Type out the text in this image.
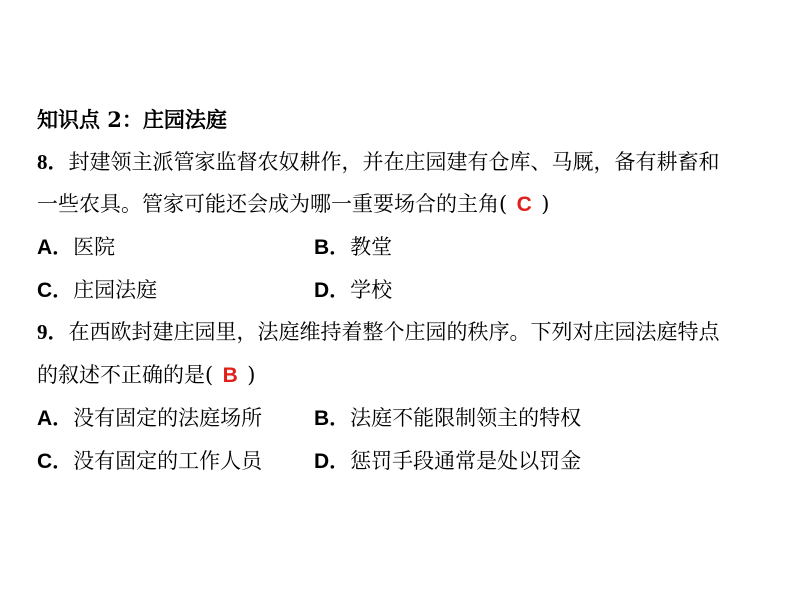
知识点 2：庄园法庭
8．封建领主派管家监督农奴耕作，并在庄园建有仓库、马厩，备有耕畜和
一些农具。管家可能还会成为哪一重要场合的主角( C )
A．医院	B．教堂
C．庄园法庭	D．学校
9．在西欧封建庄园里，法庭维持着整个庄园的秩序。下列对庄园法庭特点
的叙述不正确的是( B )
A．没有固定的法庭场所 B．法庭不能限制领主的特权
C．没有固定的工作人员 D．惩罚手段通常是处以罚金
